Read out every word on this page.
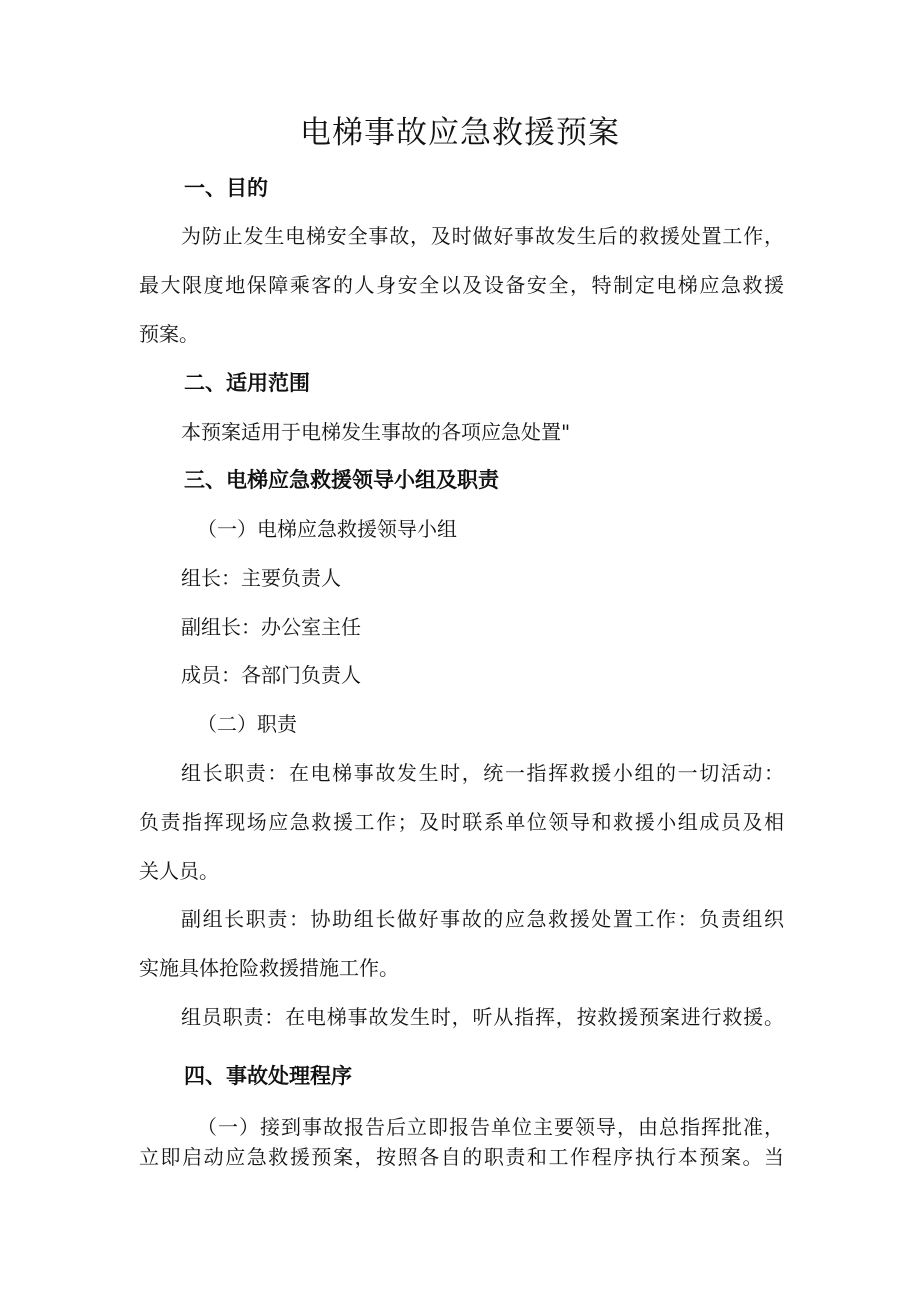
电梯事故应急救援预案
一、目的
为防止发生电梯安全事故，及时做好事故发生后的救援处置工作，
最大限度地保障乘客的人身安全以及设备安全，特制定电梯应急救援
预案。
二、适用范围
本预案适用于电梯发生事故的各项应急处置"
三、电梯应急救援领导小组及职责
（一）电梯应急救援领导小组
组长：主要负责人
副组长：办公室主任
成员：各部门负责人
（二）职责
组长职责：在电梯事故发生时，统一指挥救援小组的一切活动：
负责指挥现场应急救援工作；及时联系单位领导和救援小组成员及相
关人员。
副组长职责：协助组长做好事故的应急救援处置工作：负责组织
实施具体抢险救援措施工作。
组员职责：在电梯事故发生时，听从指挥，按救援预案进行救援。
四、事故处理程序
（一）接到事故报告后立即报告单位主要领导，由总指挥批准，
立即启动应急救援预案，按照各自的职责和工作程序执行本预案。当
